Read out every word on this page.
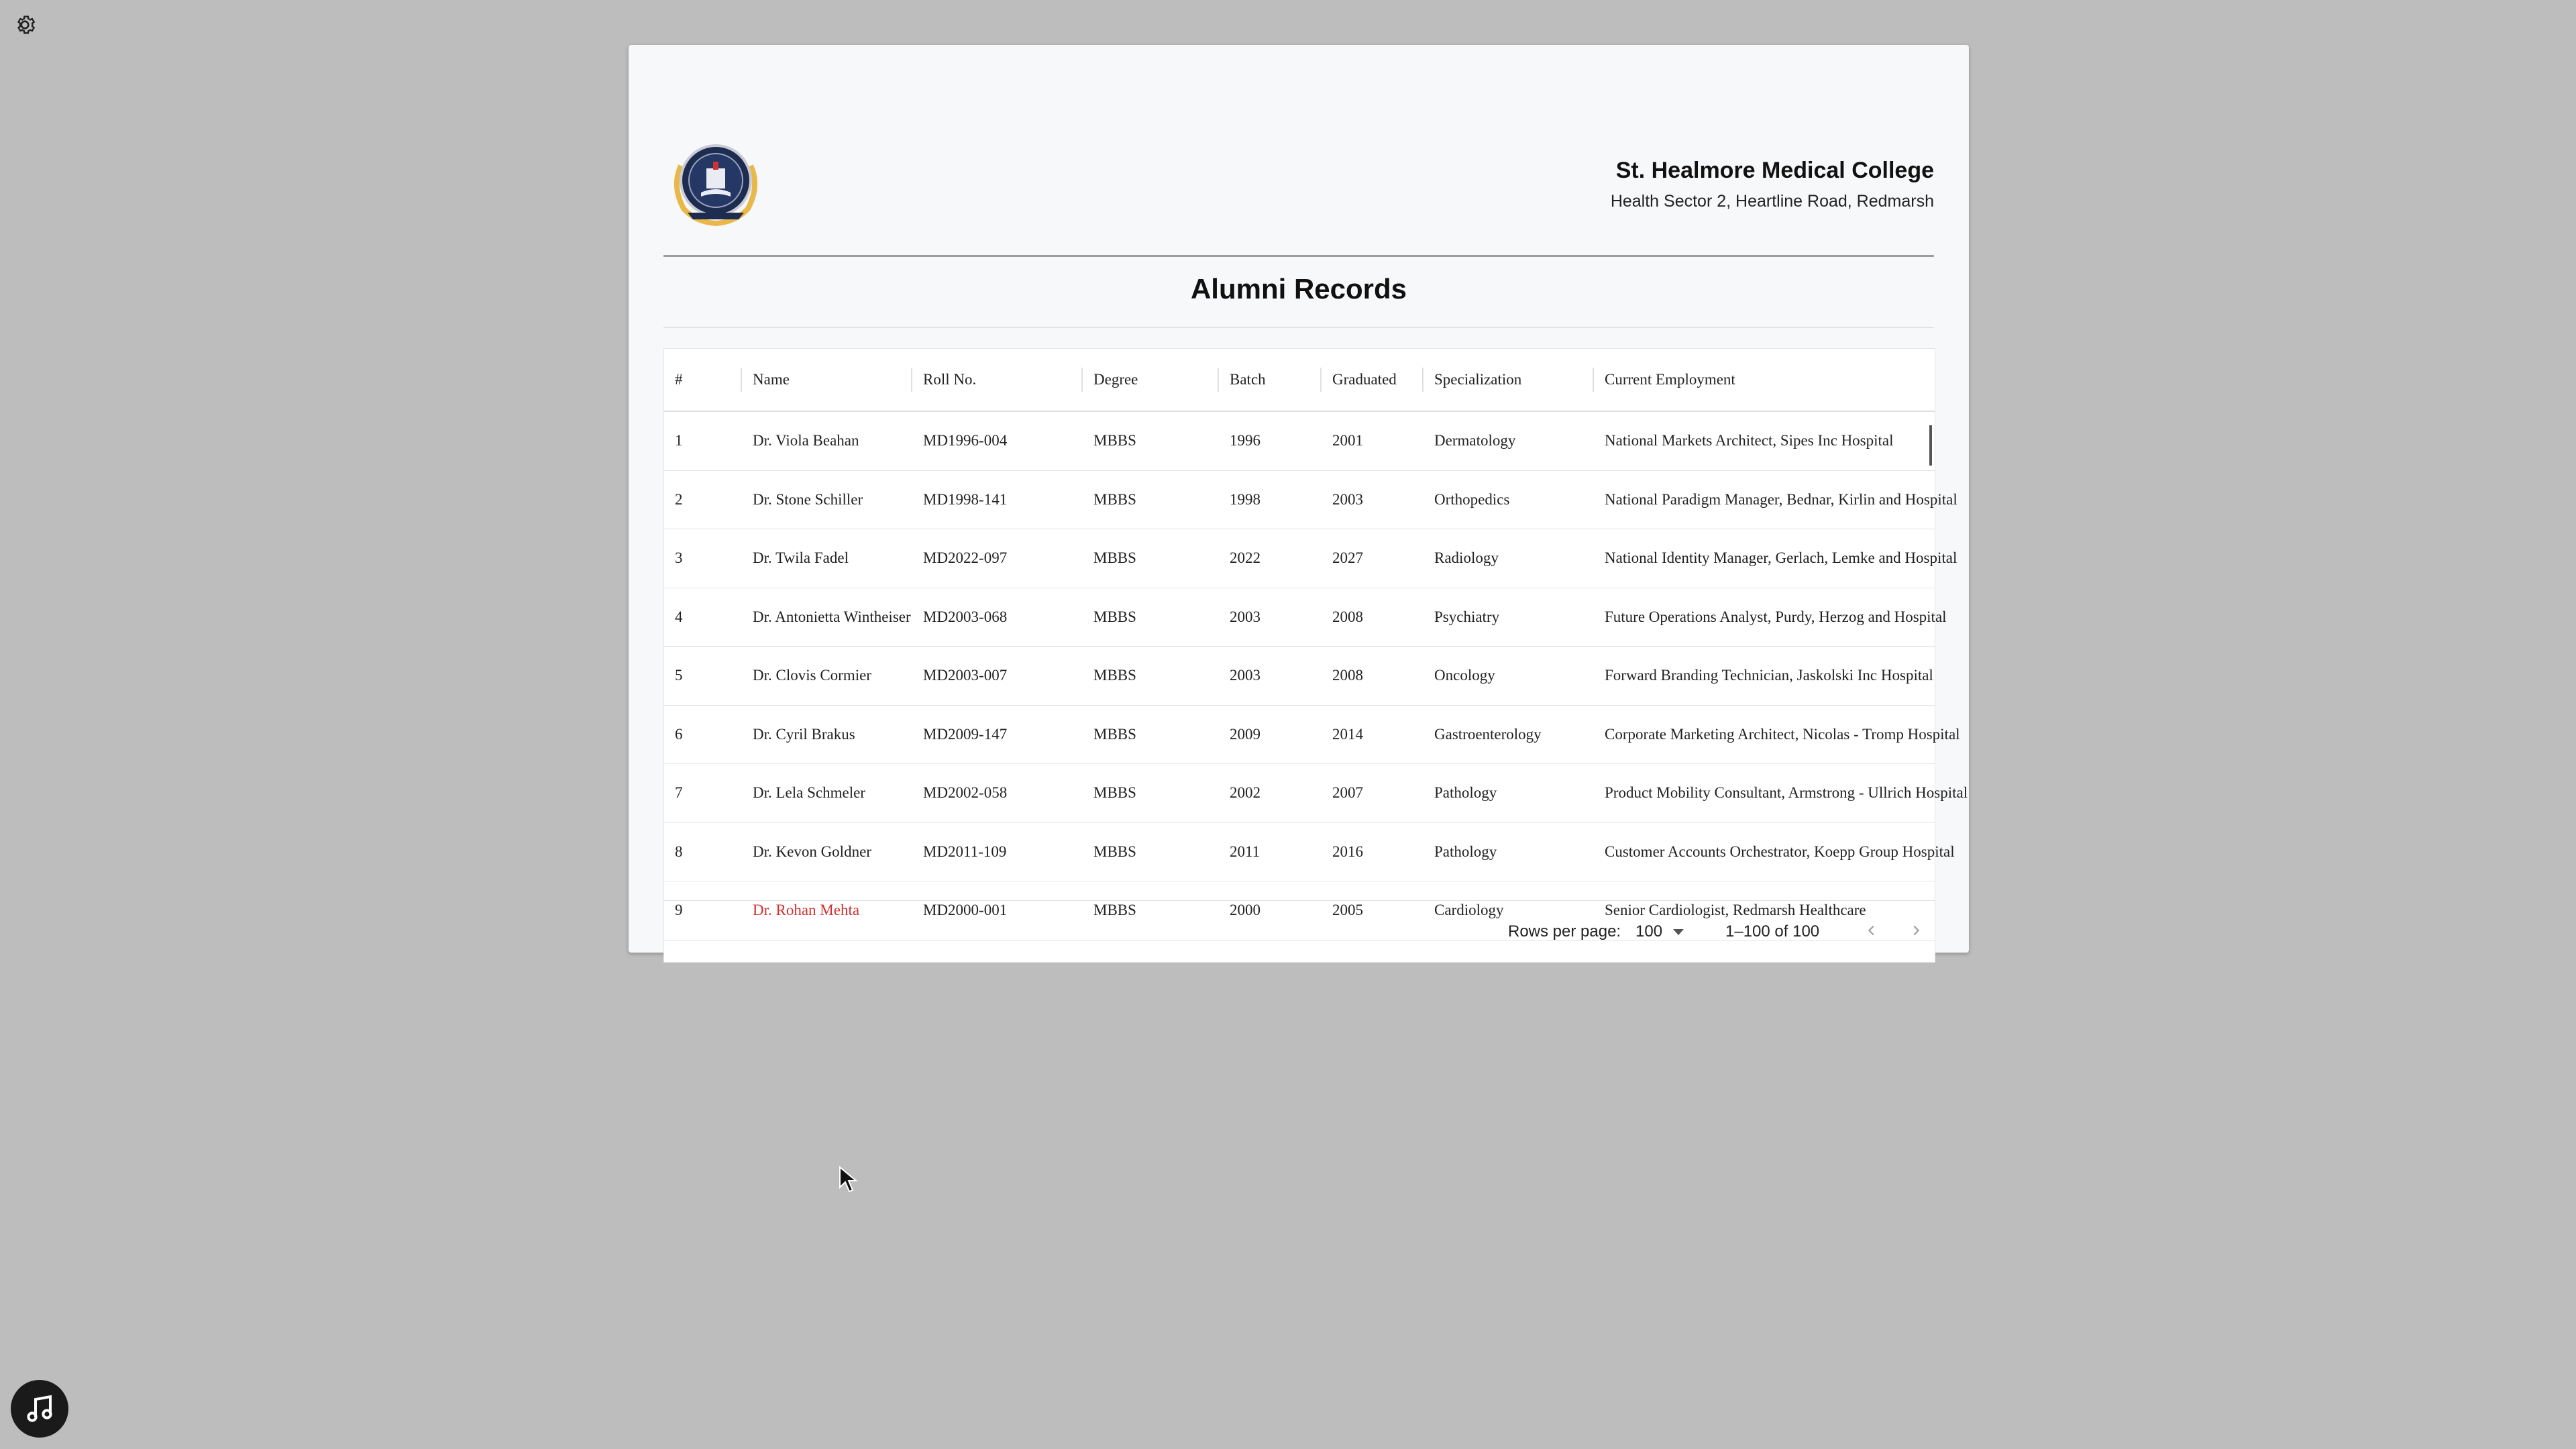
St. Healmore Medical College
Health Sector 2, Heartline Road, Redmarsh
Alumni Records
#	Name	Roll No.	Degree	Batch	Graduated	Specialization	Current Employment
1	Dr. Viola Beahan	MD1996-004	MBBS	1996	2001	Dermatology	National Markets Architect, Sipes Inc Hospital
2	Dr. Stone Schiller	MD1998-141	MBBS	1998	2003	Orthopedics	National Paradigm Manager, Bednar, Kirlin and Hospital
3	Dr. Twila Fadel	MD2022-097	MBBS	2022	2027	Radiology	National Identity Manager, Gerlach, Lemke and Hospital
4	Dr. Antonietta Wintheiser MD2003-068	MBBS	2003	2008	Psychiatry	Future Operations Analyst, Purdy, Herzog and Hospital
5	Dr. Clovis Cormier	MD2003-007	MBBS	2003	2008	Oncology	Forward Branding Technician, Jaskolski Inc Hospital
6	Dr. Cyril Brakus	MD2009-147	MBBS	2009	2014	Gastroenterology	Corporate Marketing Architect, Nicolas - Tromp Hospital
7	Dr. Lela Schmeler	MD2002-058	MBBS	2002	2007	Pathology	Product Mobility Consultant, Armstrong - Ullrich Hospital
8	Dr. Kevon Goldner	MD2011-109	MBBS	2011	2016	Pathology	Customer Accounts Orchestrator, Koepp Group Hospital
9	Dr. Rohan Mehta	MD2000-001	MBBS	2000	2005	Cardiology	Senior Cardiologist, Redmarsh Healthcare
Rows per page: 100	1–100 of 100
